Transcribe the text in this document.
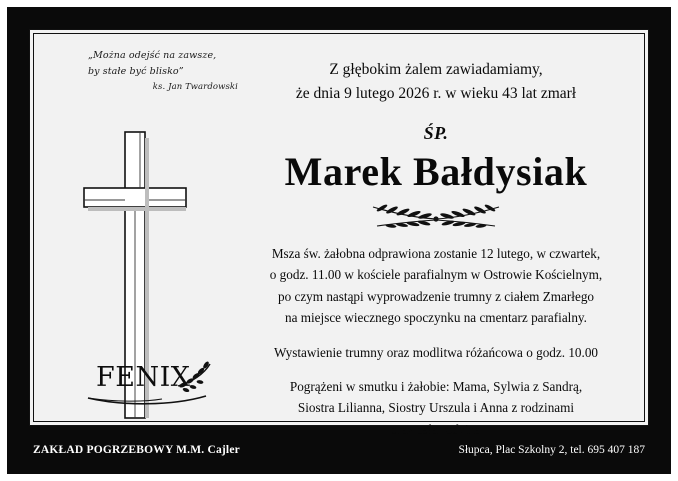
„Można odejść na zawsze,
by stałe być blisko”
ks. Jan Twardowski
FENIX
Z głębokim żalem zawiadamiamy,
że dnia 9 lutego 2026 r. w wieku 43 lat zmarł
ŚP.
Marek Bałdysiak

Msza św. żałobna odprawiona zostanie 12 lutego, w czwartek,

o godz. 11.00 w kościele parafialnym w Ostrowie Kościelnym,

po czym nastąpi wyprowadzenie trumny z ciałem Zmarłego

na miejsce wiecznego spoczynku na cmentarz parafialny.

Wystawienie trumny oraz modlitwa różańcowa o godz. 10.00

Pogrążeni w smutku i żałobie: Mama, Sylwia z Sandrą,

Siostra Lilianna, Siostry Urszula i Anna z rodzinami

oraz cała rodzina

ZAKŁAD POGRZEBOWY M.M. Cajler	Słupca, Plac Szkolny 2, tel. 695 407 187
